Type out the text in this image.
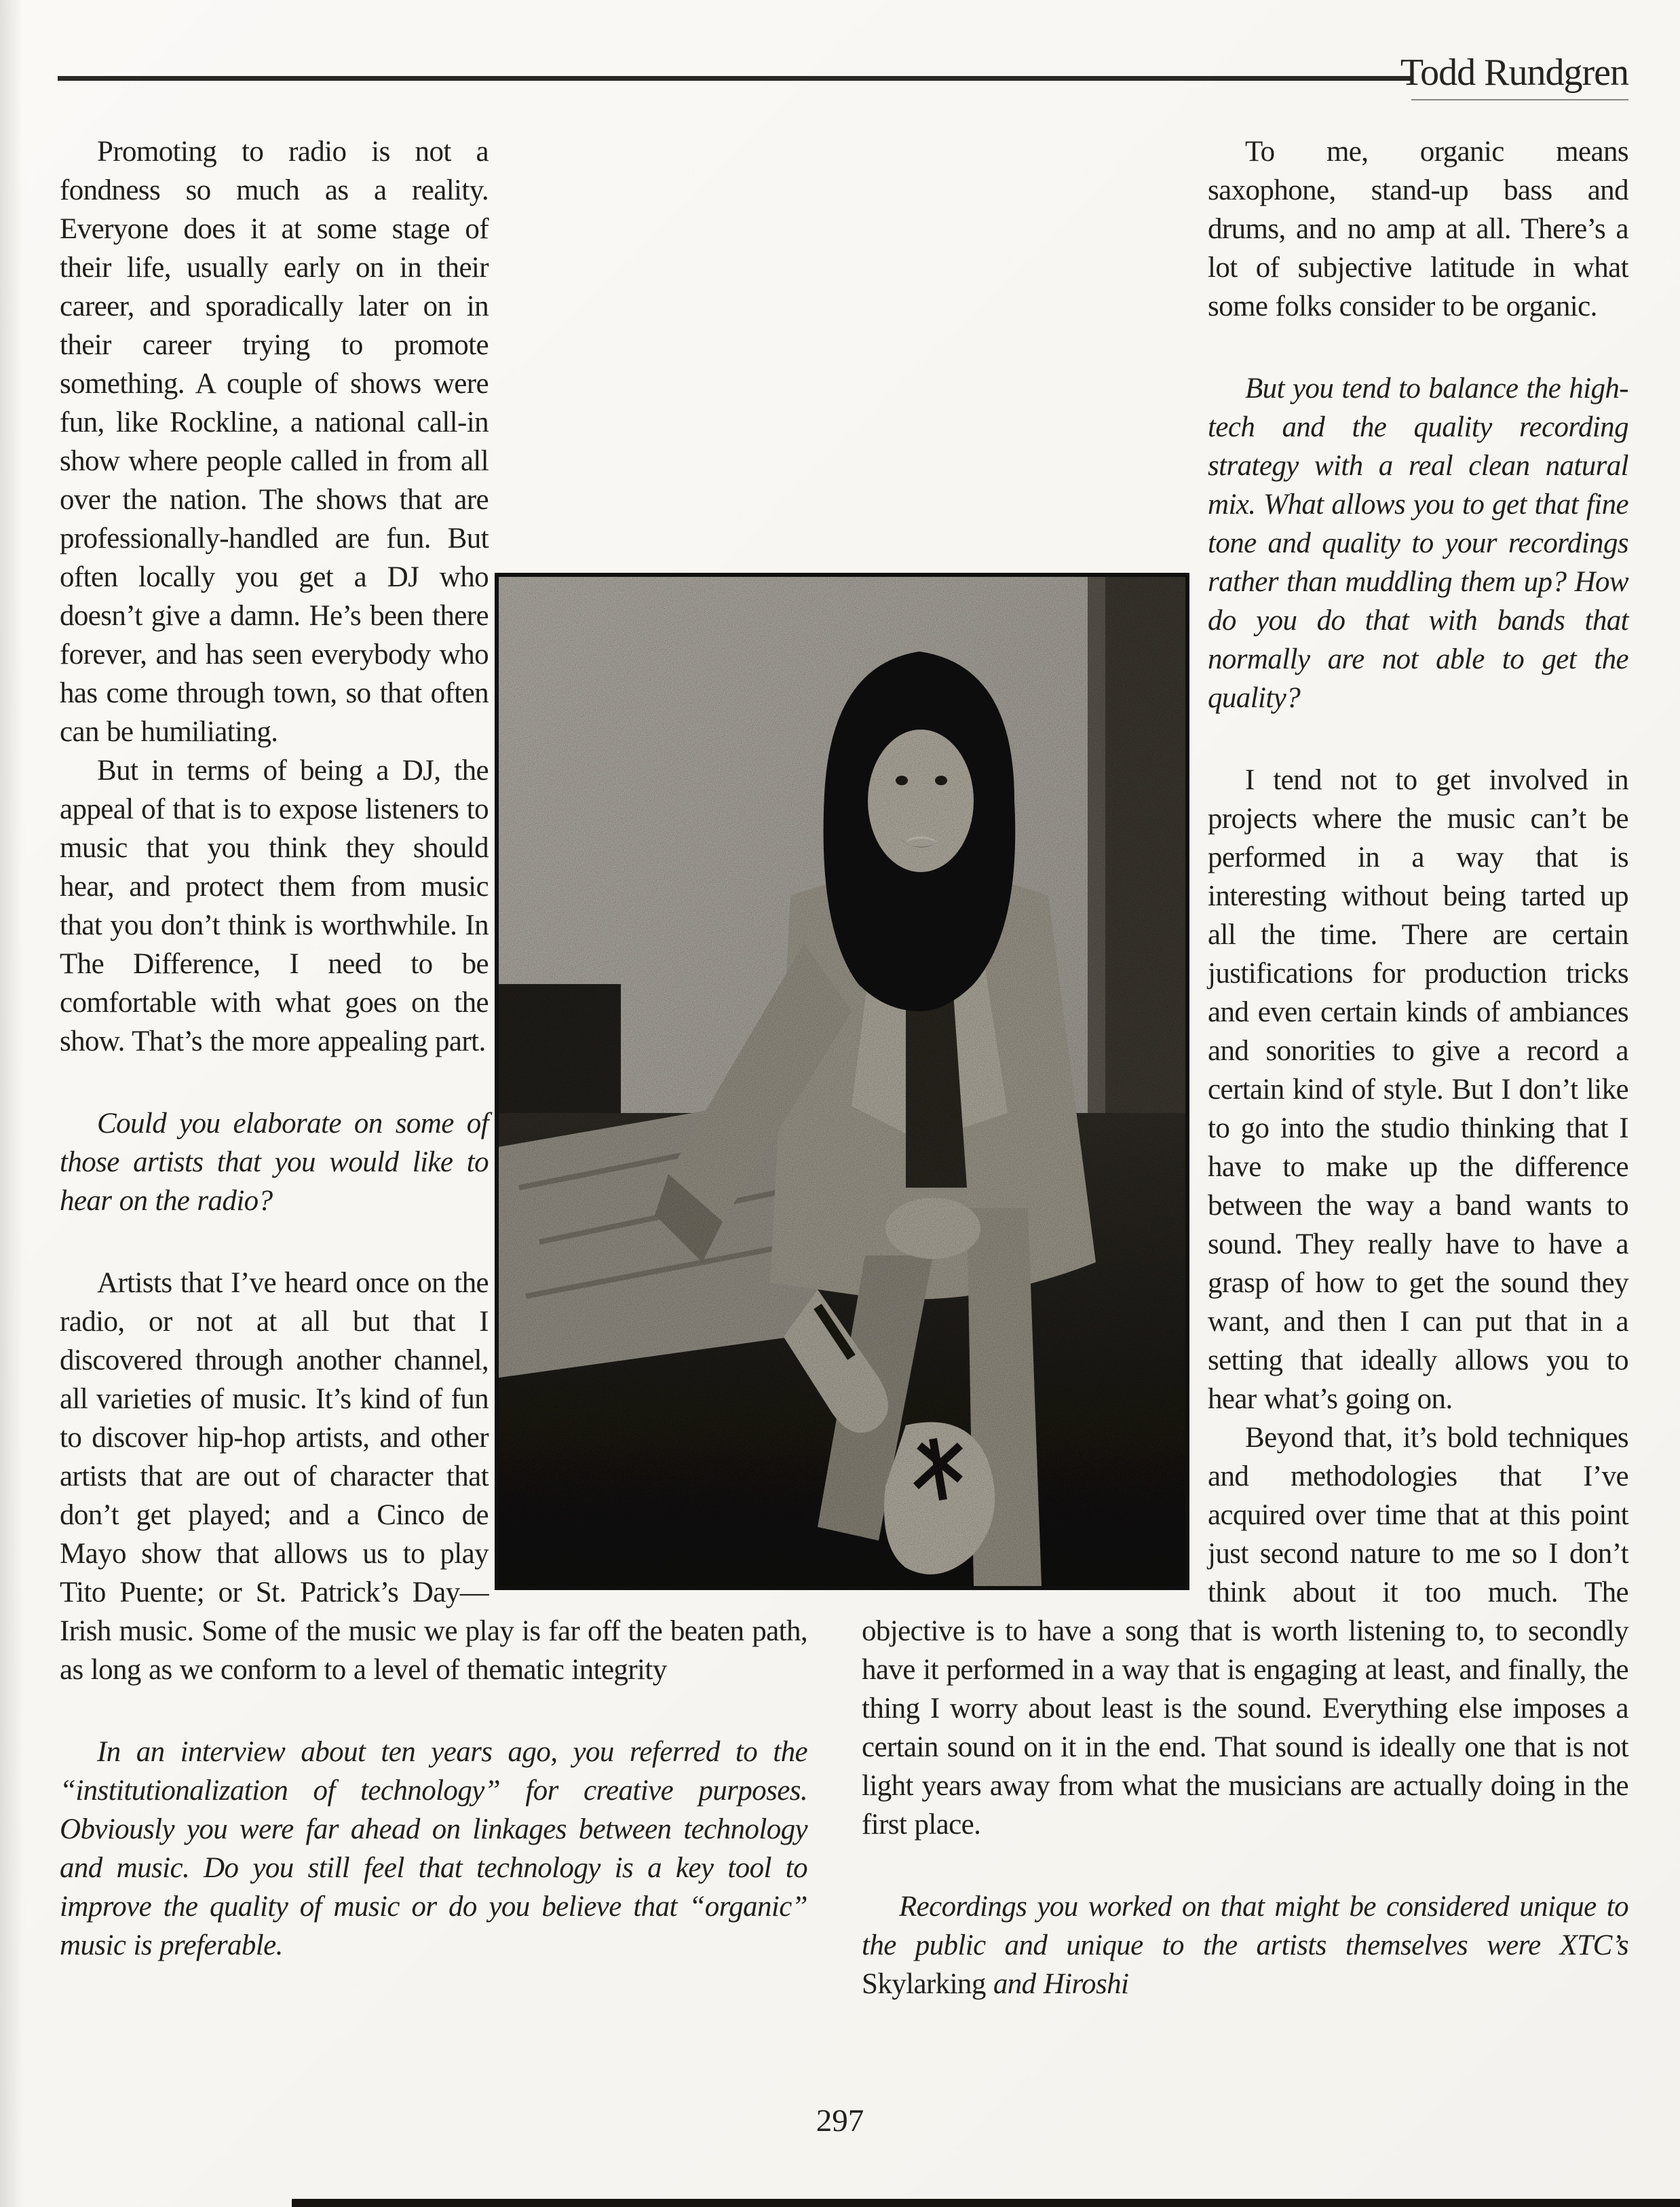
Todd Rundgren

Promoting to radio is not a fondness so much as a reality. Everyone does it at some stage of their life, usually early on in their career, and sporadically later on in their career trying to promote something. A couple of shows were fun, like Rockline, a national call-in show where people called in from all over the nation. The shows that are professionally-handled are fun. But often locally you get a DJ who doesn’t give a damn. He’s been there forever, and has seen everybody who has come through town, so that often can be humiliating.

But in terms of being a DJ, the appeal of that is to expose listeners to music that you think they should hear, and protect them from music that you don’t think is worthwhile. In The Difference, I need to be comfortable with what goes on the show. That’s the more appealing part.

Could you elaborate on some of those artists that you would like to hear on the radio?

Artists that I’ve heard once on the radio, or not at all but that I discovered through another channel, all varieties of music. It’s kind of fun to discover hip-hop artists, and other artists that are out of character that don’t get played; and a Cinco de Mayo show that allows us to play Tito Puente; or St. Patrick’s Day—Irish music. Some of the music we play is far off the beaten path, as long as we conform to a level of thematic integrity

In an interview about ten years ago, you referred to the “institutionalization of technology” for creative purposes. Obviously you were far ahead on linkages between technology and music. Do you still feel that technology is a key tool to improve the quality of music or do you believe that “organic” music is preferable.

To me, organic means saxophone, stand-up bass and drums, and no amp at all. There’s a lot of subjective latitude in what some folks consider to be organic.

But you tend to balance the high-tech and the quality recording strategy with a real clean natural mix. What allows you to get that fine tone and quality to your recordings rather than muddling them up? How do you do that with bands that normally are not able to get the quality?

I tend not to get involved in projects where the music can’t be performed in a way that is interesting without being tarted up all the time. There are certain justifications for production tricks and even certain kinds of ambiances and sonorities to give a record a certain kind of style. But I don’t like to go into the studio thinking that I have to make up the difference between the way a band wants to sound. They really have to have a grasp of how to get the sound they want, and then I can put that in a setting that ideally allows you to hear what’s going on.

Beyond that, it’s bold techniques and methodologies that I’ve acquired over time that at this point just second nature to me so I don’t think about it too much. The objective is to have a song that is worth listening to, to secondly have it performed in a way that is engaging at least, and finally, the thing I worry about least is the sound. Everything else imposes a certain sound on it in the end. That sound is ideally one that is not light years away from what the musicians are actually doing in the first place.

Recordings you worked on that might be considered unique to the public and unique to the artists themselves were XTC’s Skylarking and Hiroshi

297
